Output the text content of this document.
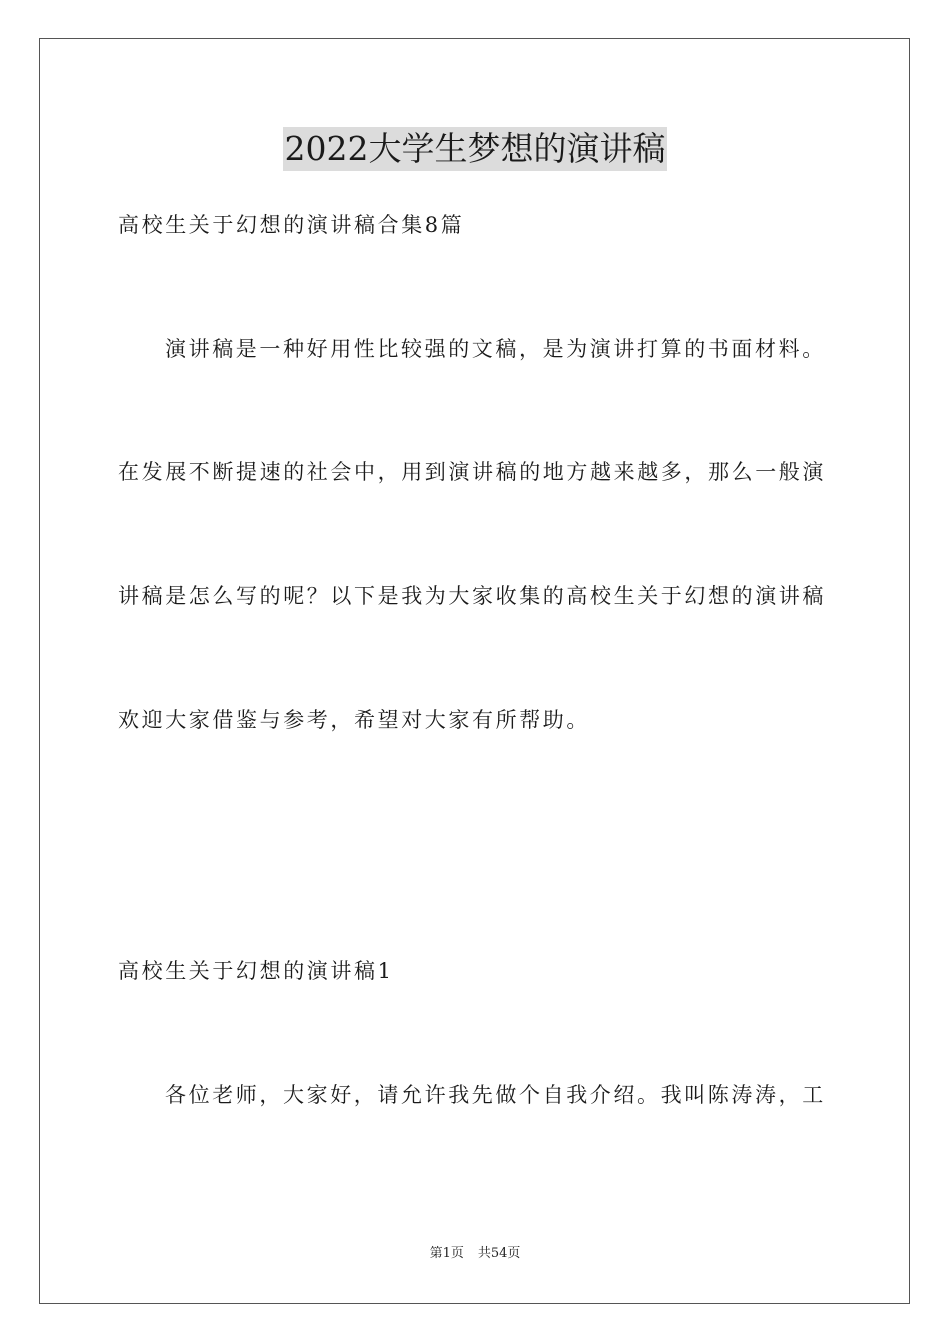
2022大学生梦想的演讲稿
高校生关于幻想的演讲稿合集8篇
演讲稿是一种好用性比较强的文稿，是为演讲打算的书面材料。
在发展不断提速的社会中，用到演讲稿的地方越来越多，那么一般演
讲稿是怎么写的呢？以下是我为大家收集的高校生关于幻想的演讲稿
欢迎大家借鉴与参考，希望对大家有所帮助。
高校生关于幻想的演讲稿1
各位老师，大家好，请允许我先做个自我介绍。我叫陈涛涛，工
第1页 共54页
